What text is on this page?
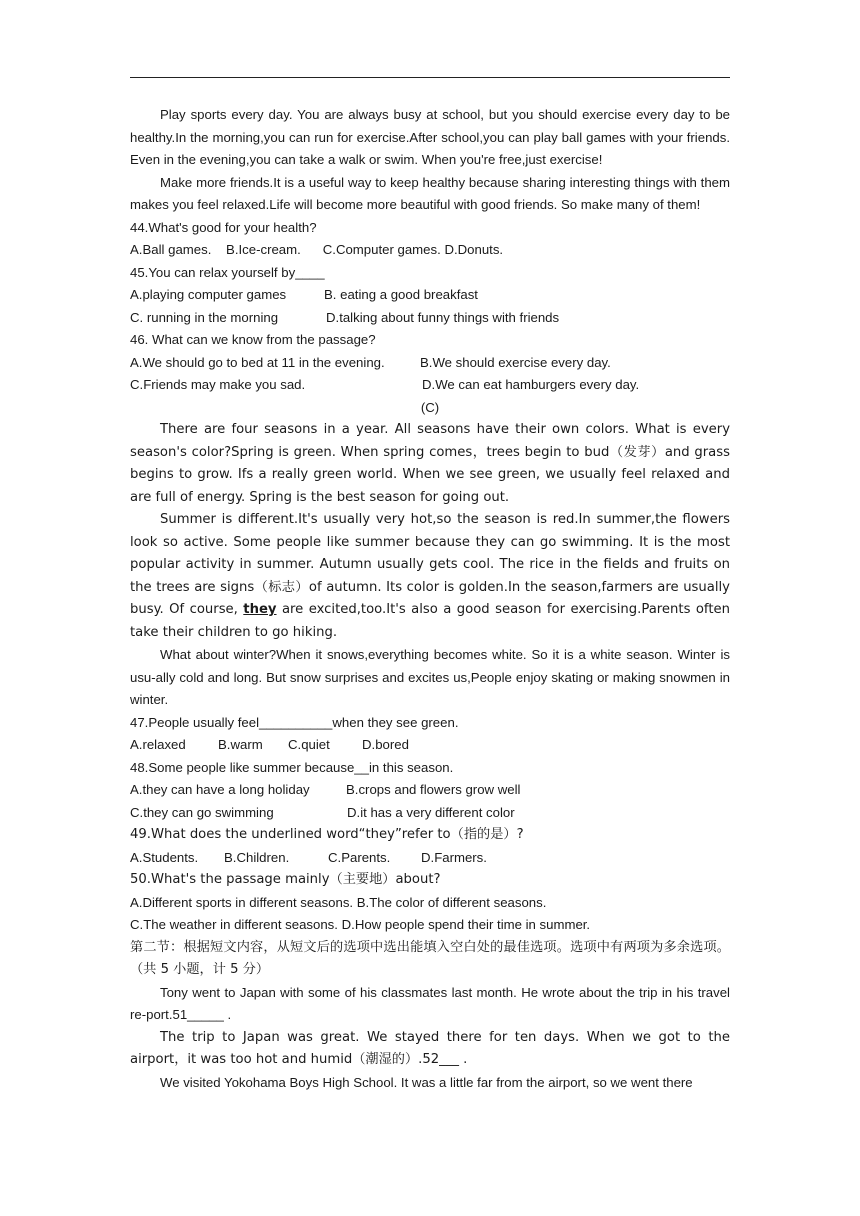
Play sports every day. You are always busy at school, but you should exercise every day to be healthy.In the morning,you can run for exercise.After school,you can play ball games with your friends. Even in the evening,you can take a walk or swim. When you're free,just exercise!

Make more friends.It is a useful way to keep healthy because sharing interesting things with them makes you feel relaxed.Life will become more beautiful with good friends. So make many of them!

44.What's good for your health?

A.Ball games. B.Ice-cream. C.Computer games. D.Donuts.

45.You can relax yourself by____

A.playing computer games	B. eating a good breakfast

C. running in the morning	D.talking about funny things with friends

46. What can we know from the passage?

A.We should go to bed at 11 in the evening.	B.We should exercise every day.

C.Friends may make you sad.	D.We can eat hamburgers every day.

(C)

There are four seasons in a year. All seasons have their own colors. What is every season's color?Spring is green. When spring comes，trees begin to bud（发芽）and grass begins to grow. Ifs a really green world. When we see green, we usually feel relaxed and are full of energy. Spring is the best season for going out.

Summer is different.It's usually very hot,so the season is red.In summer,the flowers look so active. Some people like summer because they can go swimming. It is the most popular activity in summer. Autumn usually gets cool. The rice in the fields and fruits on the trees are signs（标志）of autumn. Its color is golden.In the season,farmers are usually busy. Of course, they are excited,too.It's also a good season for exercising.Parents often take their children to go hiking.

What about winter?When it snows,everything becomes white. So it is a white season. Winter is usu-ally cold and long. But snow surprises and excites us,People enjoy skating or making snowmen in winter.

47.People usually feel__________when they see green.

A.relaxed B.warm C.quiet D.bored

48.Some people like summer because__in this season.

A.they can have a long holiday	B.crops and flowers grow well

C.they can go swimming	D.it has a very different color

49.What does the underlined word“they”refer to（指的是）?

A.Students. B.Children.	C.Parents. D.Farmers.

50.What's the passage mainly（主要地）about?

A.Different sports in different seasons. B.The color of different seasons.

C.The weather in different seasons. D.How people spend their time in summer.

第二节：根据短文内容，从短文后的选项中选出能填入空白处的最佳选项。选项中有两项为多余选项。（共 5 小题，计 5 分）

Tony went to Japan with some of his classmates last month. He wrote about the trip in his travel re-port.51_____ .

The trip to Japan was great. We stayed there for ten days. When we got to the airport，it was too hot and humid（潮湿的）.52___ .

We visited Yokohama Boys High School. It was a little far from the airport, so we went there
